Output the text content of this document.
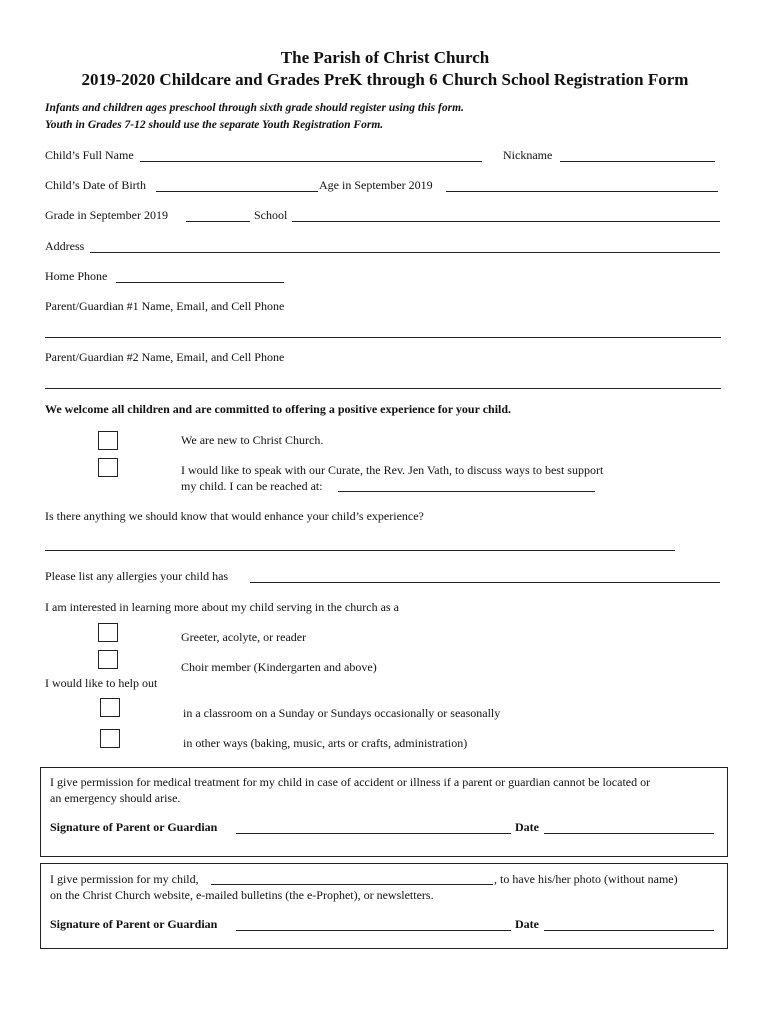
The Parish of Christ Church
2019-2020 Childcare and Grades PreK through 6 Church School Registration Form
Infants and children ages preschool through sixth grade should register using this form.
Youth in Grades 7-12 should use the separate Youth Registration Form.
Child’s Full Name	Nickname
Child’s Date of Birth	Age in September 2019
Grade in September 2019	School
Address
Home Phone
Parent/Guardian #1 Name, Email, and Cell Phone
Parent/Guardian #2 Name, Email, and Cell Phone
We welcome all children and are committed to offering a positive experience for your child.
We are new to Christ Church.
I would like to speak with our Curate, the Rev. Jen Vath, to discuss ways to best support
my child. I can be reached at:
Is there anything we should know that would enhance your child’s experience?
Please list any allergies your child has
I am interested in learning more about my child serving in the church as a
Greeter, acolyte, or reader
Choir member (Kindergarten and above)
I would like to help out
in a classroom on a Sunday or Sundays occasionally or seasonally
in other ways (baking, music, arts or crafts, administration)
I give permission for medical treatment for my child in case of accident or illness if a parent or guardian cannot be located or
an emergency should arise.
Signature of Parent or Guardian	Date
I give permission for my child,	, to have his/her photo (without name)
on the Christ Church website, e-mailed bulletins (the e-Prophet), or newsletters.
Signature of Parent or Guardian	Date
